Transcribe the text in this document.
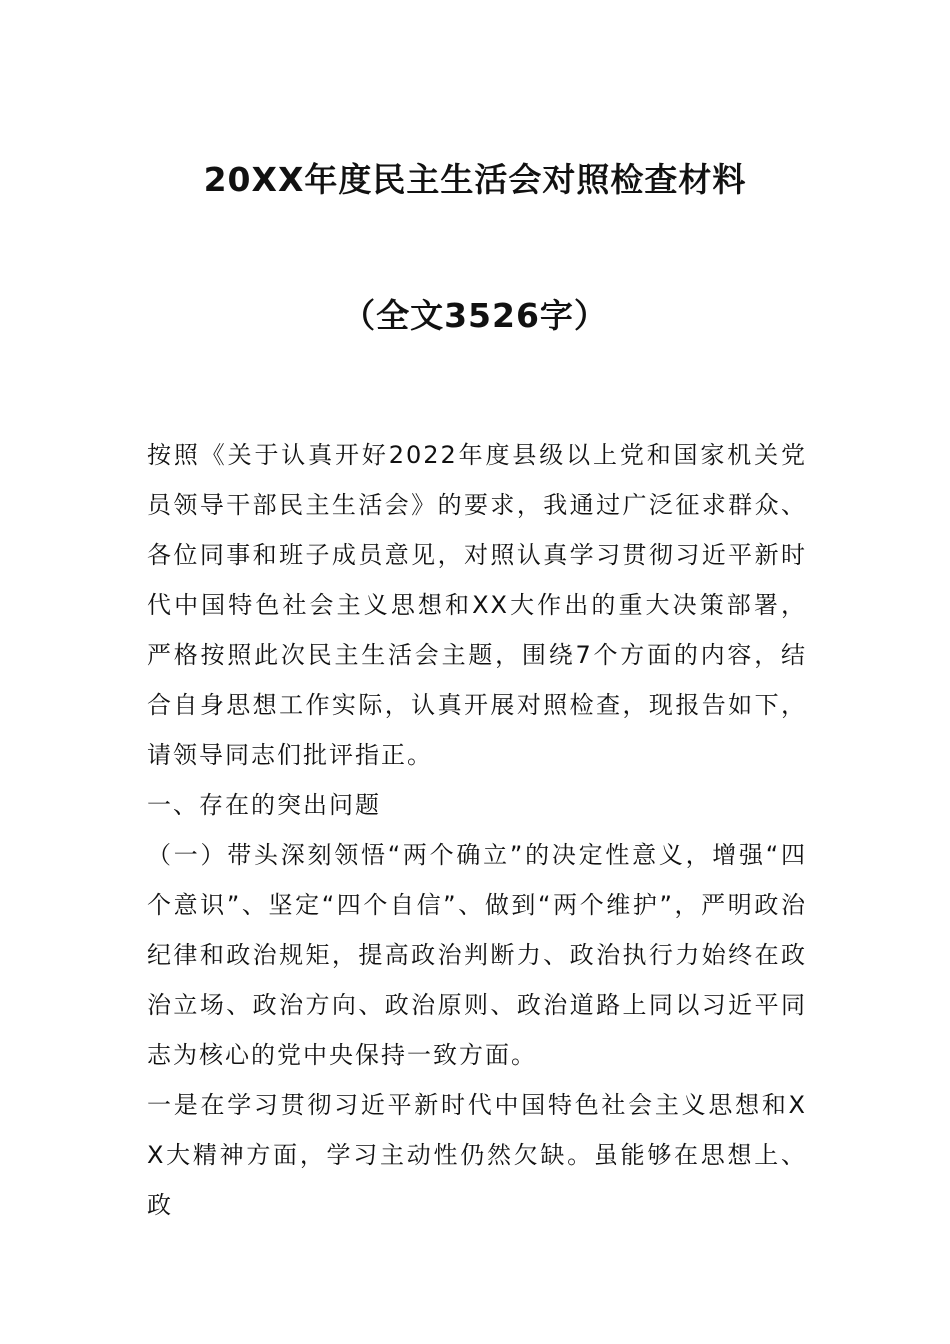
20XX年度民主生活会对照检查材料
（全文3526字）

按照《关于认真开好2022年度县级以上党和国家机关党员领导干部民主生活会》的要求，我通过广泛征求群众、各位同事和班子成员意见，对照认真学习贯彻习近平新时代中国特色社会主义思想和XX大作出的重大决策部署，严格按照此次民主生活会主题，围绕7个方面的内容，结合自身思想工作实际，认真开展对照检查，现报告如下，请领导同志们批评指正。

一、存在的突出问题

（一）带头深刻领悟“两个确立”的决定性意义，增强“四个意识”、坚定“四个自信”、做到“两个维护”，严明政治纪律和政治规矩，提高政治判断力、政治执行力始终在政治立场、政治方向、政治原则、政治道路上同以习近平同志为核心的党中央保持一致方面。

一是在学习贯彻习近平新时代中国特色社会主义思想和XX大精神方面，学习主动性仍然欠缺。虽能够在思想上、政
